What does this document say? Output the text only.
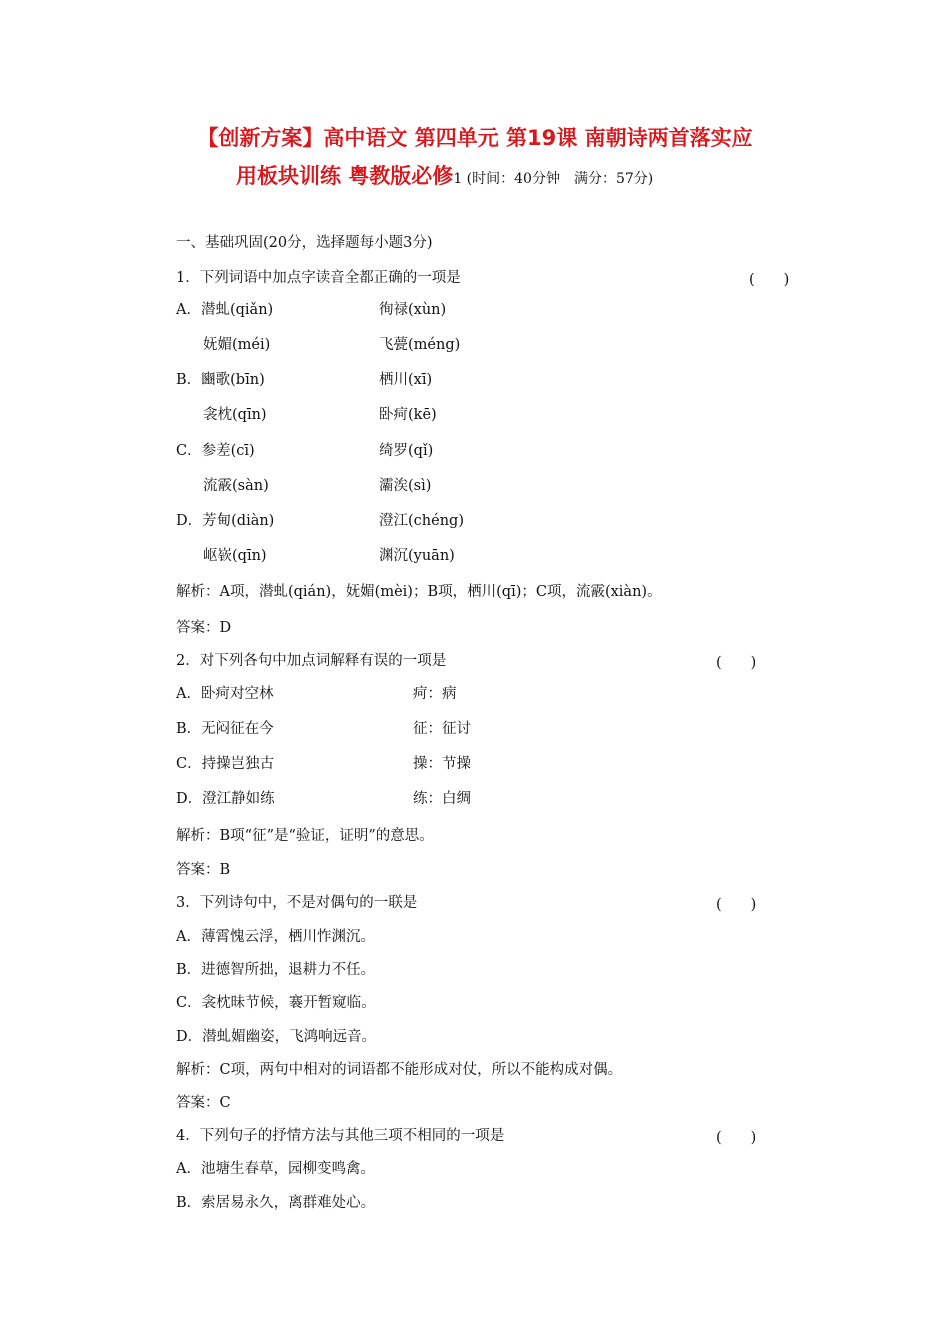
【创新方案】高中语文 第四单元 第19课 南朝诗两首落实应
用板块训练 粤教版必修1 (时间：40分钟　满分：57分)
一、基础巩固(20分，选择题每小题3分)
1．下列词语中加点字读音全都正确的一项是	(　　)
A．潜虬(qiǎn)	徇禄(xùn)
妩媚(méi)	飞甍(méng)
B．豳歌(bīn)	栖川(xī)
衾枕(qīn)	卧疴(kē)
C．参差(cī)	绮罗(qǐ)
流霰(sàn)	灞涘(sì)
D．芳甸(diàn)	澄江(chéng)
岖嵚(qīn)	渊沉(yuān)
解析：A项，潜虬(qián)，妩媚(mèi)；B项，栖川(qī)；C项，流霰(xiàn)。
答案：D
2．对下列各句中加点词解释有误的一项是	(　　)
A．卧疴对空林	疴：病
B．无闷征在今	征：征讨
C．持操岂独古	操：节操
D．澄江静如练	练：白绸
解析：B项“征”是“验证，证明”的意思。
答案：B
3．下列诗句中，不是对偶句的一联是	(　　)
A．薄霄愧云浮，栖川怍渊沉。
B．进德智所拙，退耕力不任。
C．衾枕昧节候，褰开暂窥临。
D．潜虬媚幽姿，飞鸿响远音。
解析：C项，两句中相对的词语都不能形成对仗，所以不能构成对偶。
答案：C
4．下列句子的抒情方法与其他三项不相同的一项是	(　　)
A．池塘生春草，园柳变鸣禽。
B．索居易永久，离群难处心。
